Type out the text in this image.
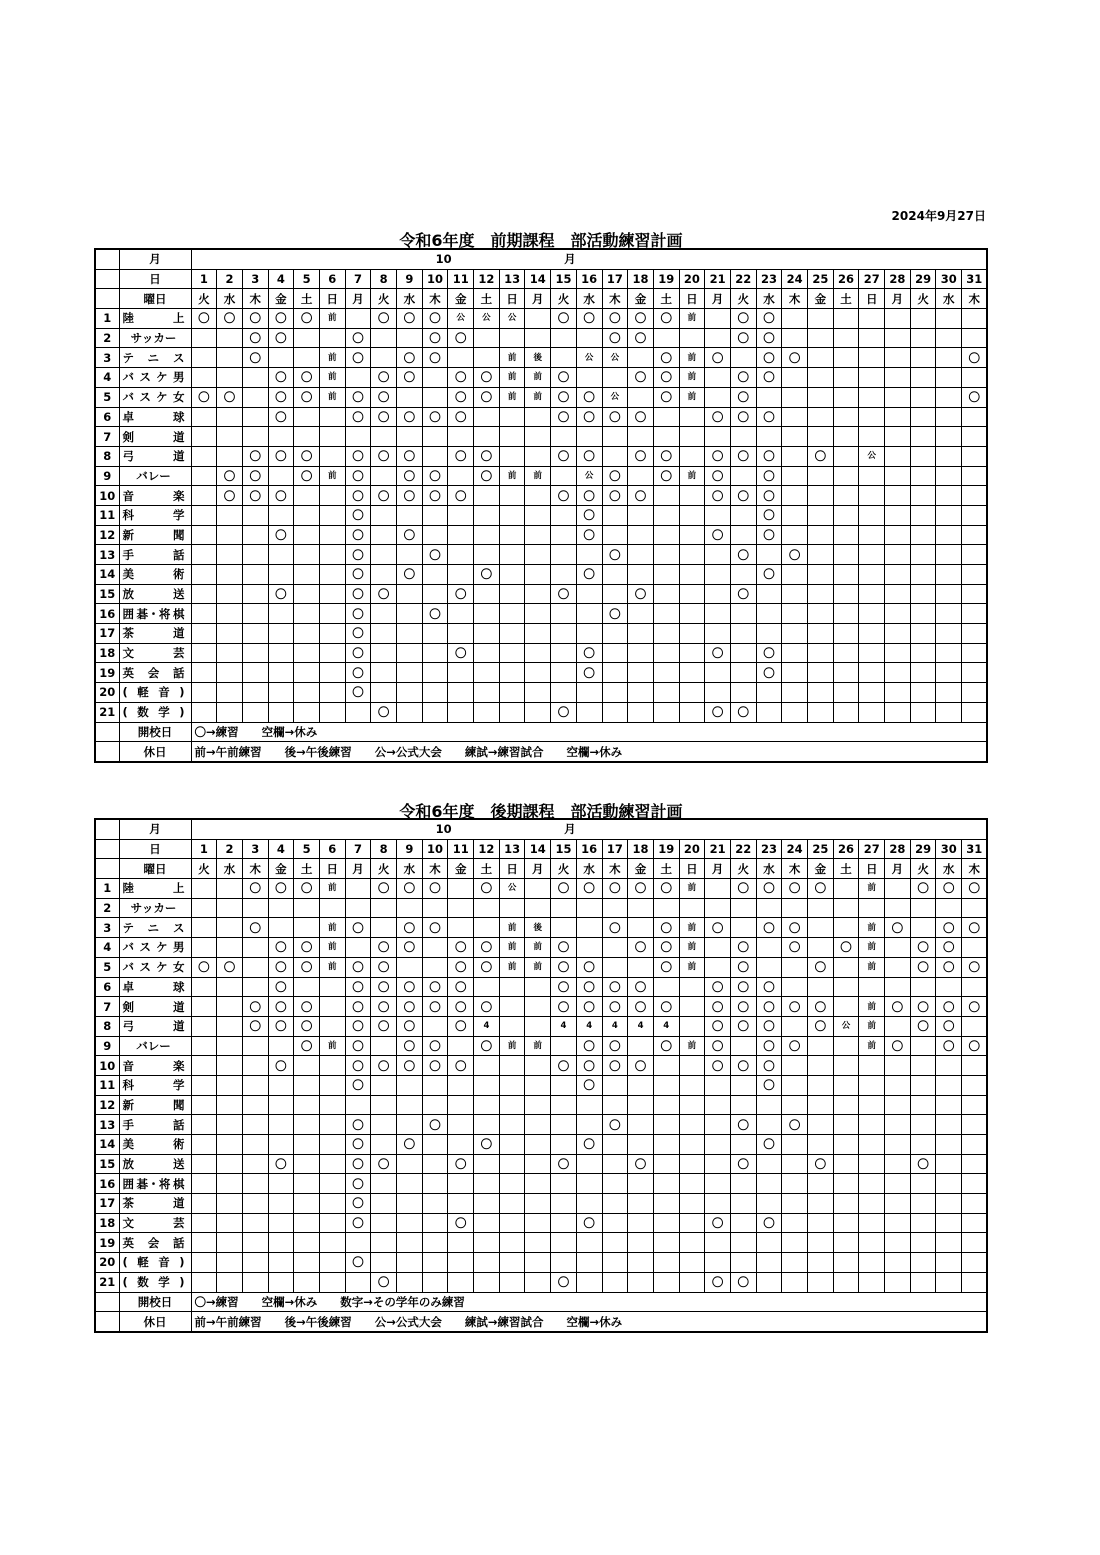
2024年9月27日
令和6年度　前期課程　部活動練習計画
	月	10 月																														

	日	1	2	3	4	5	6	7	8	9	10	11	12	13	14	15	16	17	18	19	20	21	22	23	24	25	26	27	28	29	30	31
	曜日	火	水	木	金	土	日	月	火	水	木	金	土	日	月	火	水	木	金	土	日	月	火	水	木	金	土	日	月	火	水	木
1	陸上	〇	〇	〇	〇	〇	前		〇	〇	〇	公	公	公		〇	〇	〇	〇	〇	前		〇	〇								
2	サッカー			〇	〇			〇			〇	〇						〇	〇				〇	〇								
3	テニス			〇			前	〇		〇	〇			前	後		公	公		〇	前	〇		〇	〇							〇
4	バスケ男				〇	〇	前		〇	〇		〇	〇	前	前	〇			〇	〇	前		〇	〇								
5	バスケ女	〇	〇		〇	〇	前	〇	〇			〇	〇	前	前	〇	〇	公		〇	前		〇									〇
6	卓球				〇			〇	〇	〇	〇	〇				〇	〇	〇	〇			〇	〇	〇								
7	剣道																															

8	弓道			〇	〇	〇		〇	〇	〇		〇	〇			〇	〇		〇	〇		〇	〇	〇		〇		公				
9	バレー		〇	〇		〇	前	〇		〇	〇		〇	前	前		公	〇		〇	前	〇		〇								
10	音楽		〇	〇	〇			〇	〇	〇	〇	〇				〇	〇	〇	〇			〇	〇	〇								
11	科学							〇									〇							〇								
12	新聞				〇			〇		〇							〇					〇		〇								
13	手話							〇			〇							〇					〇		〇							
14	美術							〇		〇			〇				〇							〇								
15	放送				〇			〇	〇			〇				〇			〇				〇									
16	囲碁･将棋							〇			〇							〇														
17	茶道							〇																								
18	文芸							〇				〇					〇					〇		〇								
19	英会話							〇									〇							〇								
20	(軽音)							〇																								
21	(数学)								〇							〇						〇	〇									
	開校日	〇→練習　　空欄→休み																														
	休日	前→午前練習　　後→午後練習　　公→公式大会　　練試→練習試合　　空欄→休み																														
令和6年度　後期課程　部活動練習計画
	月	10 月																														

	日	1	2	3	4	5	6	7	8	9	10	11	12	13	14	15	16	17	18	19	20	21	22	23	24	25	26	27	28	29	30	31
	曜日	火	水	木	金	土	日	月	火	水	木	金	土	日	月	火	水	木	金	土	日	月	火	水	木	金	土	日	月	火	水	木
1	陸上			〇	〇	〇	前		〇	〇	〇		〇	公		〇	〇	〇	〇	〇	前		〇	〇	〇	〇		前		〇	〇	〇
2	サッカー																															

3	テニス			〇			前	〇		〇	〇			前	後			〇		〇	前	〇		〇	〇			前	〇		〇	〇
4	バスケ男				〇	〇	前		〇	〇		〇	〇	前	前	〇			〇	〇	前		〇		〇		〇	前		〇	〇	
5	バスケ女	〇	〇		〇	〇	前	〇	〇			〇	〇	前	前	〇	〇			〇	前		〇			〇		前		〇	〇	〇
6	卓球				〇			〇	〇	〇	〇	〇				〇	〇	〇	〇			〇	〇	〇								
7	剣道			〇	〇	〇		〇	〇	〇	〇	〇	〇			〇	〇	〇	〇	〇		〇	〇	〇	〇	〇		前	〇	〇	〇	〇
8	弓道			〇	〇	〇		〇	〇	〇		〇	4			4	4	4	4	4		〇	〇	〇		〇	公	前		〇	〇	
9	バレー					〇	前	〇		〇	〇		〇	前	前		〇	〇		〇	前	〇		〇	〇			前	〇		〇	〇
10	音楽				〇			〇	〇	〇	〇	〇				〇	〇	〇	〇			〇	〇	〇								
11	科学							〇									〇							〇								
12	新聞																															

13	手話							〇			〇							〇					〇		〇							
14	美術							〇		〇			〇				〇							〇								
15	放送				〇			〇	〇			〇				〇			〇				〇			〇				〇		
16	囲碁･将棋							〇																								
17	茶道							〇																								
18	文芸							〇				〇					〇					〇		〇								
19	英会話																															

20	(軽音)							〇																								
21	(数学)								〇							〇						〇	〇									
	開校日	〇→練習　　空欄→休み　　数字→その学年のみ練習																														
	休日	前→午前練習　　後→午後練習　　公→公式大会　　練試→練習試合　　空欄→休み																														
